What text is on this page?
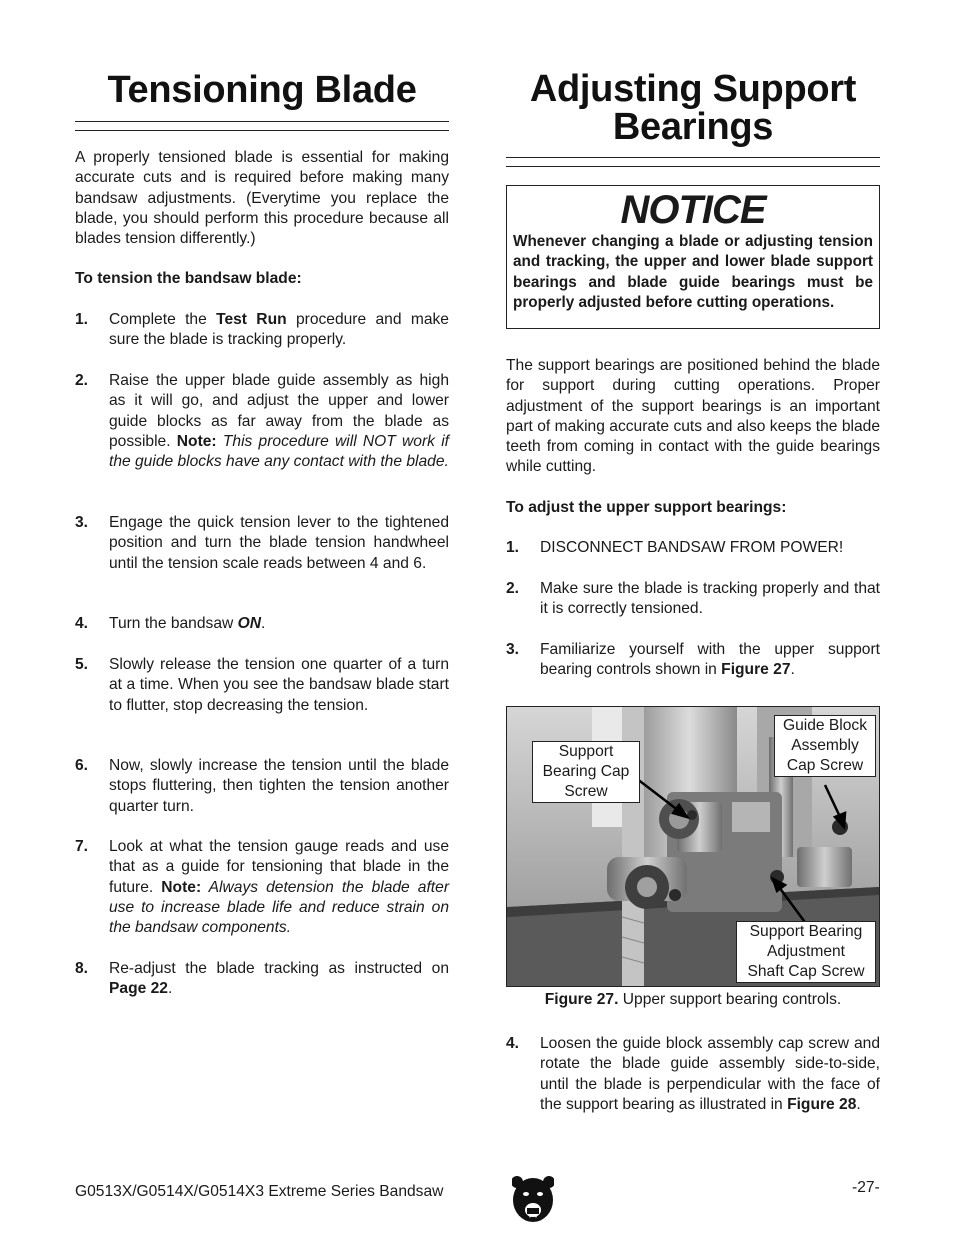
Tensioning Blade

A properly tensioned blade is essential for making accurate cuts and is required before making many bandsaw adjustments. (Everytime you replace the blade, you should perform this procedure because all blades tension differently.)

To tension the bandsaw blade:

1. Complete the Test Run procedure and make sure the blade is tracking properly.
2. Raise the upper blade guide assembly as high as it will go, and adjust the upper and lower guide blocks as far away from the blade as possible. Note: This procedure will NOT work if the guide blocks have any contact with the blade.
3. Engage the quick tension lever to the tightened position and turn the blade tension handwheel until the tension scale reads between 4 and 6.
4. Turn the bandsaw ON.
5. Slowly release the tension one quarter of a turn at a time. When you see the bandsaw blade start to flutter, stop decreasing the tension.
6. Now, slowly increase the tension until the blade stops fluttering, then tighten the tension another quarter turn.
7. Look at what the tension gauge reads and use that as a guide for tensioning that blade in the future. Note: Always detension the blade after use to increase blade life and reduce strain on the bandsaw components.
8. Re-adjust the blade tracking as instructed on Page 22.
Adjusting Support Bearings
NOTICE

Whenever changing a blade or adjusting tension and tracking, the upper and lower blade support bearings and blade guide bearings must be properly adjusted before cutting operations.

The support bearings are positioned behind the blade for support during cutting operations. Proper adjustment of the support bearings is an important part of making accurate cuts and also keeps the blade teeth from coming in contact with the guide bearings while cutting.

To adjust the upper support bearings:

1. DISCONNECT BANDSAW FROM POWER!
2. Make sure the blade is tracking properly and that it is correctly tensioned.
3. Familiarize yourself with the upper support bearing controls shown in Figure 27.
Support
Bearing Cap
Screw
Guide Block
Assembly
Cap Screw
Support Bearing
Adjustment
Shaft Cap Screw
Figure 27. Upper support bearing controls.
4. Loosen the guide block assembly cap screw and rotate the blade guide assembly side-to-side, until the blade is perpendicular with the face of the support bearing as illustrated in Figure 28.
G0513X/G0514X/G0514X3 Extreme Series Bandsaw	-27-
